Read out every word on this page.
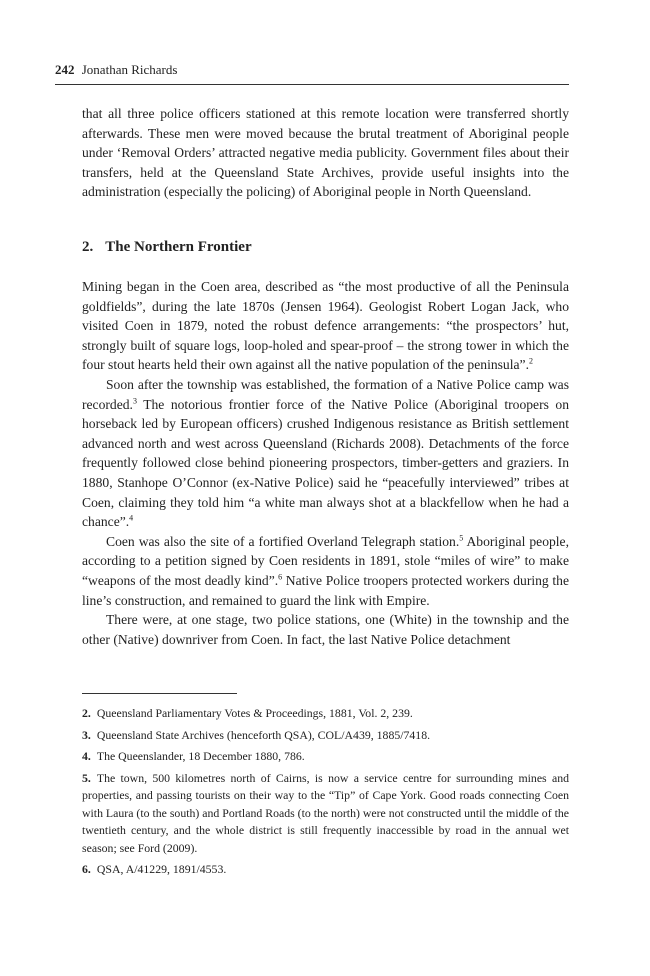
242 Jonathan Richards

that all three police officers stationed at this remote location were transferred shortly afterwards. These men were moved because the brutal treatment of Aboriginal people under ‘Removal Orders’ attracted negative media publicity. Government files about their transfers, held at the Queensland State Archives, provide useful insights into the administration (especially the policing) of Aboriginal people in North Queensland.

2. The Northern Frontier

Mining began in the Coen area, described as “the most productive of all the Peninsula goldfields”, during the late 1870s (Jensen 1964). Geologist Robert Logan Jack, who visited Coen in 1879, noted the robust defence arrangements: “the prospectors’ hut, strongly built of square logs, loop-holed and spear-proof – the strong tower in which the four stout hearts held their own against all the native population of the peninsula”.$^2$

Soon after the township was established, the formation of a Native Police camp was recorded.$^3$ The notorious frontier force of the Native Police (Aboriginal troopers on horseback led by European officers) crushed Indigenous resistance as British settlement advanced north and west across Queensland (Richards 2008). Detachments of the force frequently followed close behind pioneering prospectors, timber-getters and graziers. In 1880, Stanhope O’Connor (ex-Native Police) said he “peacefully interviewed” tribes at Coen, claiming they told him “a white man always shot at a blackfellow when he had a chance”.$^4$

Coen was also the site of a fortified Overland Telegraph station.$^5$ Aboriginal people, according to a petition signed by Coen residents in 1891, stole “miles of wire” to make “weapons of the most deadly kind”.$^6$ Native Police troopers protected workers during the line’s construction, and remained to guard the link with Empire.

There were, at one stage, two police stations, one (White) in the township and the other (Native) downriver from Coen. In fact, the last Native Police detachment

2. Queensland Parliamentary Votes & Proceedings, 1881, Vol. 2, 239.

3. Queensland State Archives (henceforth QSA), COL/A439, 1885/7418.

4. The Queenslander, 18 December 1880, 786.

5. The town, 500 kilometres north of Cairns, is now a service centre for surrounding mines and properties, and passing tourists on their way to the “Tip” of Cape York. Good roads connecting Coen with Laura (to the south) and Portland Roads (to the north) were not constructed until the middle of the twentieth century, and the whole district is still frequently inaccessible by road in the annual wet season; see Ford (2009).

6. QSA, A/41229, 1891/4553.
